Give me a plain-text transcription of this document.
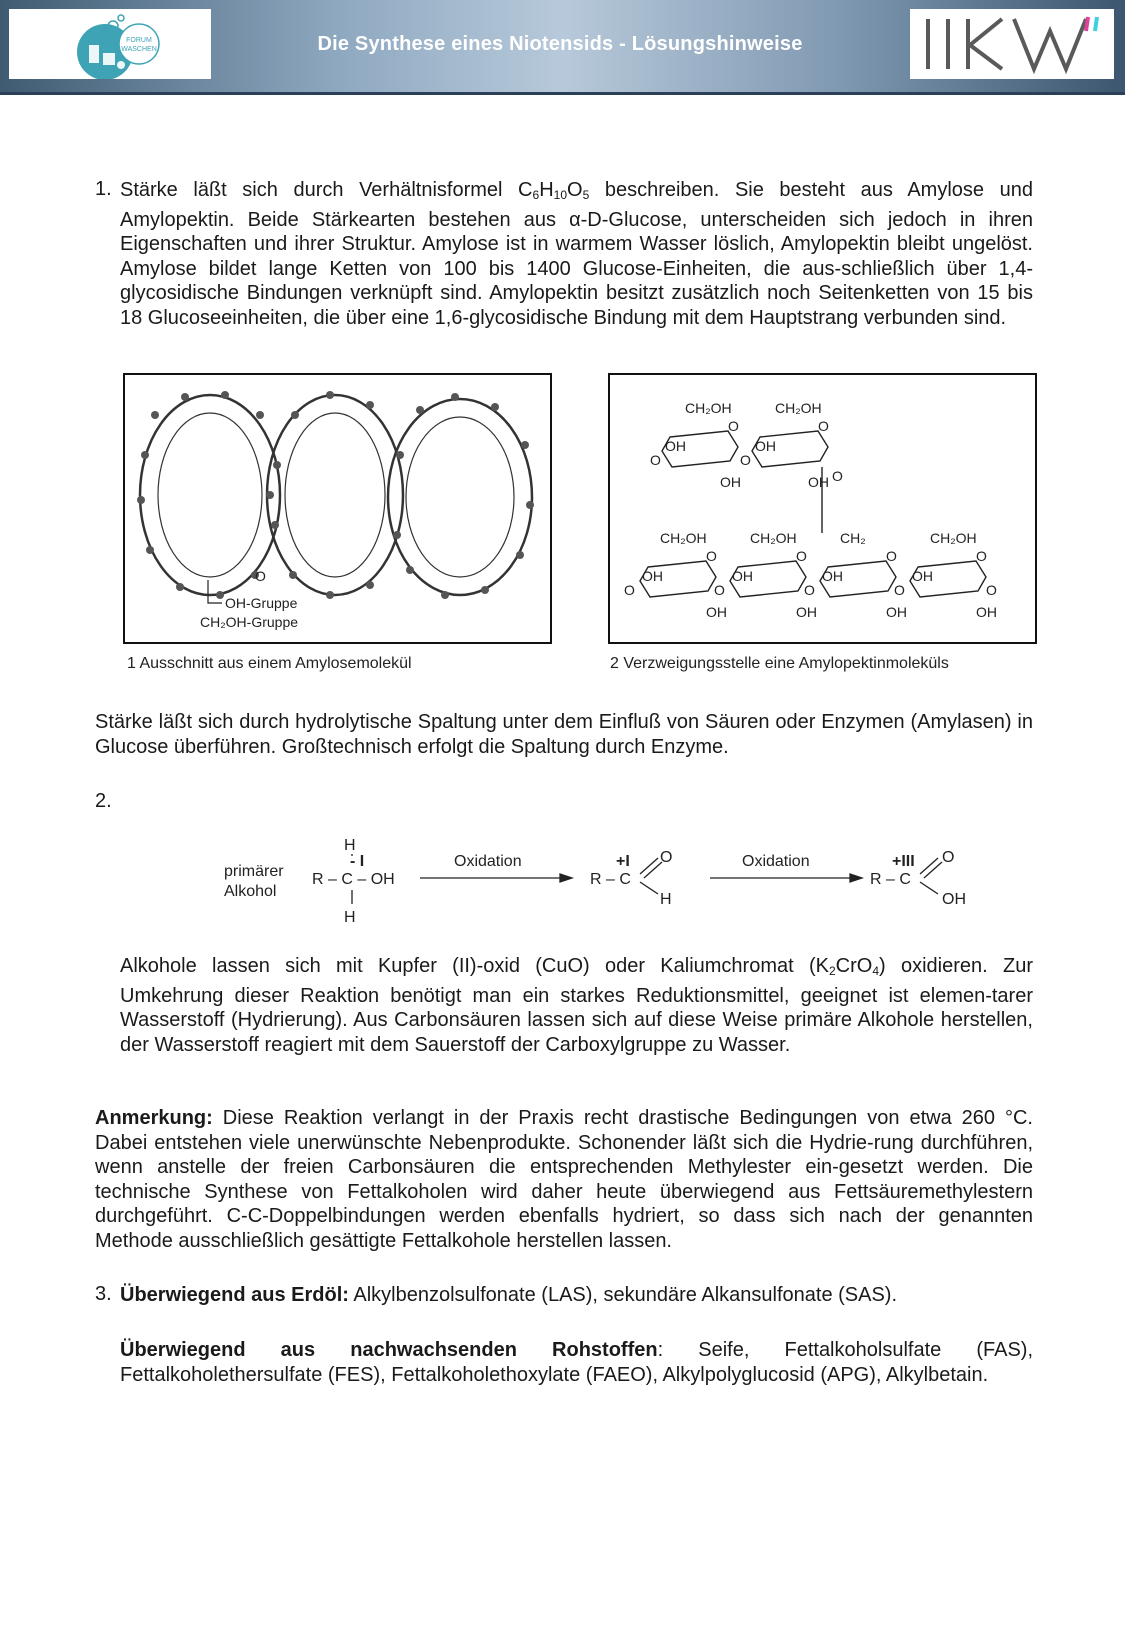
FORUM
WASCHEN	Die Synthese eines Niotensids - Lösungshinweise
1. Stärke läßt sich durch Verhältnisformel $C_6H_{10}O_5$ beschreiben. Sie besteht aus Amylose und Amylopektin. Beide Stärkearten bestehen aus α-D-Glucose, unterscheiden sich jedoch in ihren Eigenschaften und ihrer Struktur. Amylose ist in warmem Wasser löslich, Amylopektin bleibt ungelöst. Amylose bildet lange Ketten von 100 bis 1400 Glucose-Einheiten, die aus-schließlich über 1,4-glycosidische Bindungen verknüpft sind. Amylopektin besitzt zusätzlich noch Seitenketten von 15 bis 18 Glucoseeinheiten, die über eine 1,6-glycosidische Bindung mit dem Hauptstrang verbunden sind.

O
OH-Gruppe
CH₂OH-Gruppe
1 Ausschnitt aus einem Amylosemolekül
CH₂OH	CH₂OH
O	O
OH	OH
O	O
OH	OH O
CH₂OH	CH₂OH	CH₂	CH₂OH
O	O	O	O
OH	OH	OH	OH
O	O	O	O	O
OH	OH	OH	OH
2 Verzweigungsstelle eine Amylopektinmoleküls

Stärke läßt sich durch hydrolytische Spaltung unter dem Einfluß von Säuren oder Enzymen (Amylasen) in Glucose überführen. Großtechnisch erfolgt die Spaltung durch Enzyme.

2.
primärer
Alkohol
H
- I
R – C – OH
H
Oxidation	+I
R – C
O
H
Oxidation	+III
R – C
O
OH

Alkohole lassen sich mit Kupfer (II)-oxid (CuO) oder Kaliumchromat $(K_2CrO_4)$ oxidieren. Zur Umkehrung dieser Reaktion benötigt man ein starkes Reduktionsmittel, geeignet ist elemen-tarer Wasserstoff (Hydrierung). Aus Carbonsäuren lassen sich auf diese Weise primäre Alkohole herstellen, der Wasserstoff reagiert mit dem Sauerstoff der Carboxylgruppe zu Wasser.

Anmerkung: Diese Reaktion verlangt in der Praxis recht drastische Bedingungen von etwa 260 °C. Dabei entstehen viele unerwünschte Nebenprodukte. Schonender läßt sich die Hydrie-rung durchführen, wenn anstelle der freien Carbonsäuren die entsprechenden Methylester ein-gesetzt werden. Die technische Synthese von Fettalkoholen wird daher heute überwiegend aus Fettsäuremethylestern durchgeführt. C-C-Doppelbindungen werden ebenfalls hydriert, so dass sich nach der genannten Methode ausschließlich gesättigte Fettalkohole herstellen lassen.

3. Überwiegend aus Erdöl: Alkylbenzolsulfonate (LAS), sekundäre Alkansulfonate (SAS).

Überwiegend aus nachwachsenden Rohstoffen: Seife, Fettalkoholsulfate (FAS), Fettalkoholethersulfate (FES), Fettalkoholethoxylate (FAEO), Alkylpolyglucosid (APG), Alkylbetain.
